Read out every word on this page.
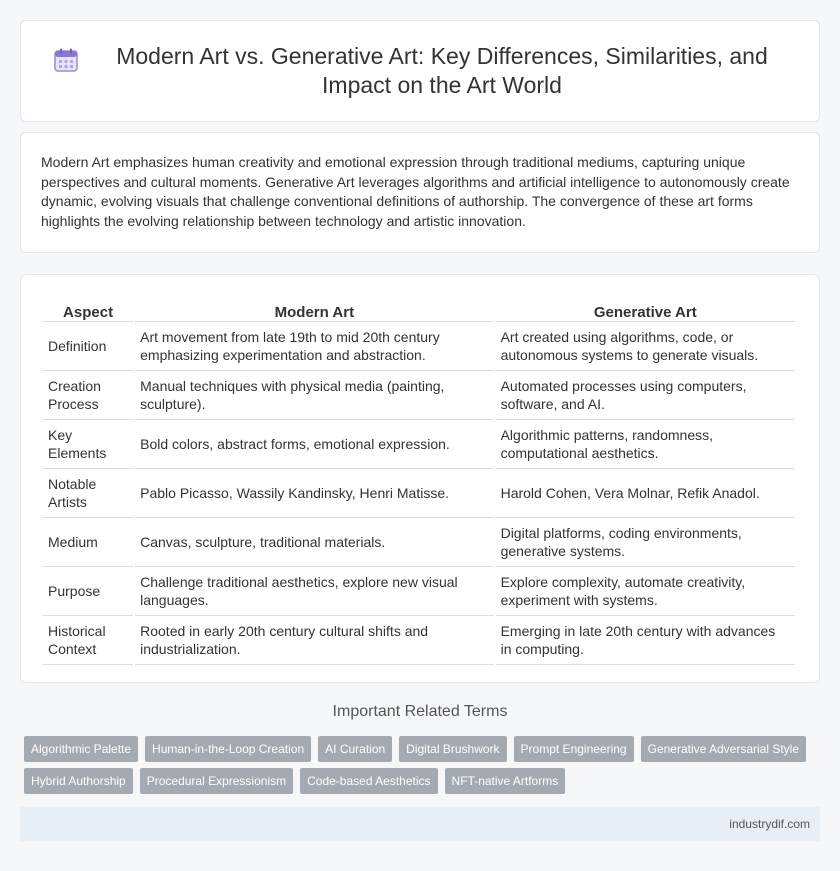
Modern Art vs. Generative Art: Key Differences, Similarities, and Impact on the Art World

Modern Art emphasizes human creativity and emotional expression through traditional mediums, capturing unique perspectives and cultural moments. Generative Art leverages algorithms and artificial intelligence to autonomously create dynamic, evolving visuals that challenge conventional definitions of authorship. The convergence of these art forms highlights the evolving relationship between technology and artistic innovation.

Aspect	Modern Art	Generative Art
Definition	Art movement from late 19th to mid 20th century emphasizing experimentation and abstraction.	Art created using algorithms, code, or autonomous systems to generate visuals.
Creation Process	Manual techniques with physical media (painting, sculpture).	Automated processes using computers, software, and AI.
Key Elements	Bold colors, abstract forms, emotional expression.	Algorithmic patterns, randomness, computational aesthetics.
Notable Artists	Pablo Picasso, Wassily Kandinsky, Henri Matisse.	Harold Cohen, Vera Molnar, Refik Anadol.
Medium	Canvas, sculpture, traditional materials.	Digital platforms, coding environments, generative systems.
Purpose	Challenge traditional aesthetics, explore new visual languages.	Explore complexity, automate creativity, experiment with systems.
Historical Context	Rooted in early 20th century cultural shifts and industrialization.	Emerging in late 20th century with advances in computing.
Important Related Terms
Algorithmic Palette	Human-in-the-Loop Creation	AI Curation	Digital Brushwork	Prompt Engineering	Generative Adversarial Style
Hybrid Authorship	Procedural Expressionism	Code-based Aesthetics	NFT-native Artforms
industrydif.com
